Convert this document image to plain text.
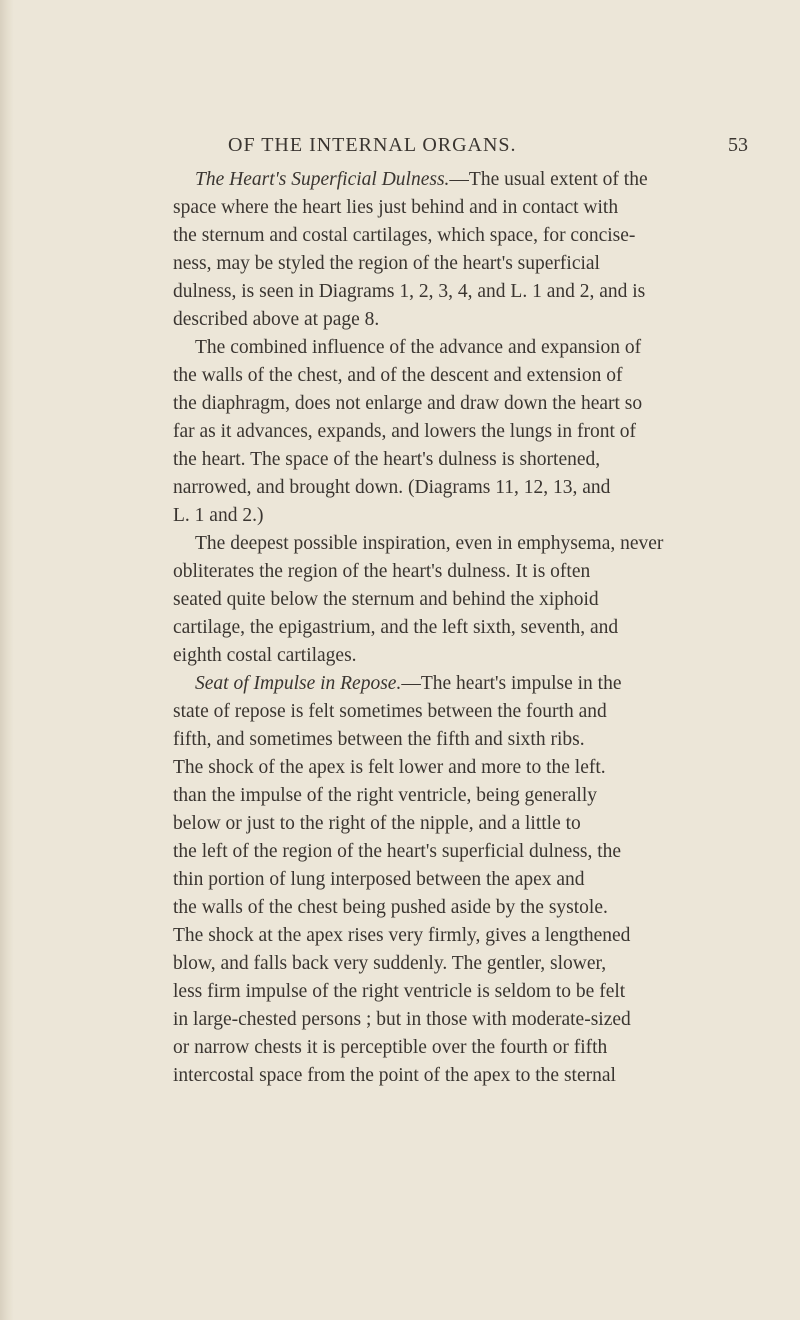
OF THE INTERNAL ORGANS.	53
The Heart's Superficial Dulness.—The usual extent of the
space where the heart lies just behind and in contact with
the sternum and costal cartilages, which space, for concise-
ness, may be styled the region of the heart's superficial
dulness, is seen in Diagrams 1, 2, 3, 4, and L. 1 and 2, and is
described above at page 8.
The combined influence of the advance and expansion of
the walls of the chest, and of the descent and extension of
the diaphragm, does not enlarge and draw down the heart so
far as it advances, expands, and lowers the lungs in front of
the heart. The space of the heart's dulness is shortened,
narrowed, and brought down. (Diagrams 11, 12, 13, and
L. 1 and 2.)
The deepest possible inspiration, even in emphysema, never
obliterates the region of the heart's dulness. It is often
seated quite below the sternum and behind the xiphoid
cartilage, the epigastrium, and the left sixth, seventh, and
eighth costal cartilages.
Seat of Impulse in Repose.—The heart's impulse in the
state of repose is felt sometimes between the fourth and
fifth, and sometimes between the fifth and sixth ribs.
The shock of the apex is felt lower and more to the left.
than the impulse of the right ventricle, being generally
below or just to the right of the nipple, and a little to
the left of the region of the heart's superficial dulness, the
thin portion of lung interposed between the apex and
the walls of the chest being pushed aside by the systole.
The shock at the apex rises very firmly, gives a lengthened
blow, and falls back very suddenly. The gentler, slower,
less firm impulse of the right ventricle is seldom to be felt
in large-chested persons ; but in those with moderate-sized
or narrow chests it is perceptible over the fourth or fifth
intercostal space from the point of the apex to the sternal
